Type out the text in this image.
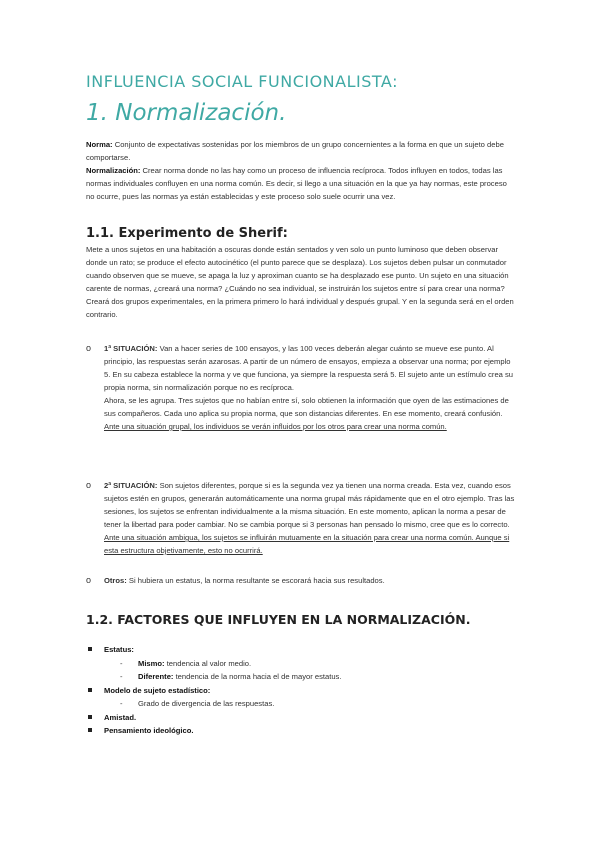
INFLUENCIA SOCIAL FUNCIONALISTA:
1. Normalización.
Norma: Conjunto de expectativas sostenidas por los miembros de un grupo concernientes a la forma en que un sujeto debe comportarse.
Normalización: Crear norma donde no las hay como un proceso de influencia recíproca. Todos influyen en todos, todas las normas individuales confluyen en una norma común. Es decir, si llego a una situación en la que ya hay normas, este proceso no ocurre, pues las normas ya están establecidas y este proceso solo suele ocurrir una vez.
1.1. Experimento de Sherif:
Mete a unos sujetos en una habitación a oscuras donde están sentados y ven solo un punto luminoso que deben observar donde un rato; se produce el efecto autocinético (el punto parece que se desplaza). Los sujetos deben pulsar un conmutador cuando observen que se mueve, se apaga la luz y aproximan cuanto se ha desplazado ese punto. Un sujeto en una situación carente de normas, ¿creará una norma? ¿Cuándo no sea individual, se instruirán los sujetos entre sí para crear una norma? Creará dos grupos experimentales, en la primera primero lo hará individual y después grupal. Y en la segunda será en el orden contrario.
o 1ª SITUACIÓN: Van a hacer series de 100 ensayos, y las 100 veces deberán alegar cuánto se mueve ese punto. Al principio, las respuestas serán azarosas. A partir de un número de ensayos, empieza a observar una norma; por ejemplo 5. En su cabeza establece la norma y ve que funciona, ya siempre la respuesta será 5. El sujeto ante un estímulo crea su propia norma, sin normalización porque no es recíproca.
Ahora, se les agrupa. Tres sujetos que no habían entre sí, solo obtienen la información que oyen de las estimaciones de sus compañeros. Cada uno aplica su propia norma, que son distancias diferentes. En ese momento, creará confusión. Ante una situación grupal, los individuos se verán influidos por los otros para crear una norma común.
o 2ª SITUACIÓN: Son sujetos diferentes, porque si es la segunda vez ya tienen una norma creada. Esta vez, cuando esos sujetos estén en grupos, generarán automáticamente una norma grupal más rápidamente que en el otro ejemplo. Tras las sesiones, los sujetos se enfrentan individualmente a la misma situación. En este momento, aplican la norma a pesar de tener la libertad para poder cambiar. No se cambia porque si 3 personas han pensado lo mismo, cree que es lo correcto. Ante una situación ambigua, los sujetos se influirán mutuamente en la situación para crear una norma común. Aunque si esta estructura objetivamente, esto no ocurrirá.
o Otros: Si hubiera un estatus, la norma resultante se escorará hacia sus resultados.
1.2. FACTORES QUE INFLUYEN EN LA NORMALIZACIÓN.
Estatus:
- Mismo: tendencia al valor medio.
- Diferente: tendencia de la norma hacia el de mayor estatus.
Modelo de sujeto estadístico:
- Grado de divergencia de las respuestas.
Amistad.
Pensamiento ideológico.
